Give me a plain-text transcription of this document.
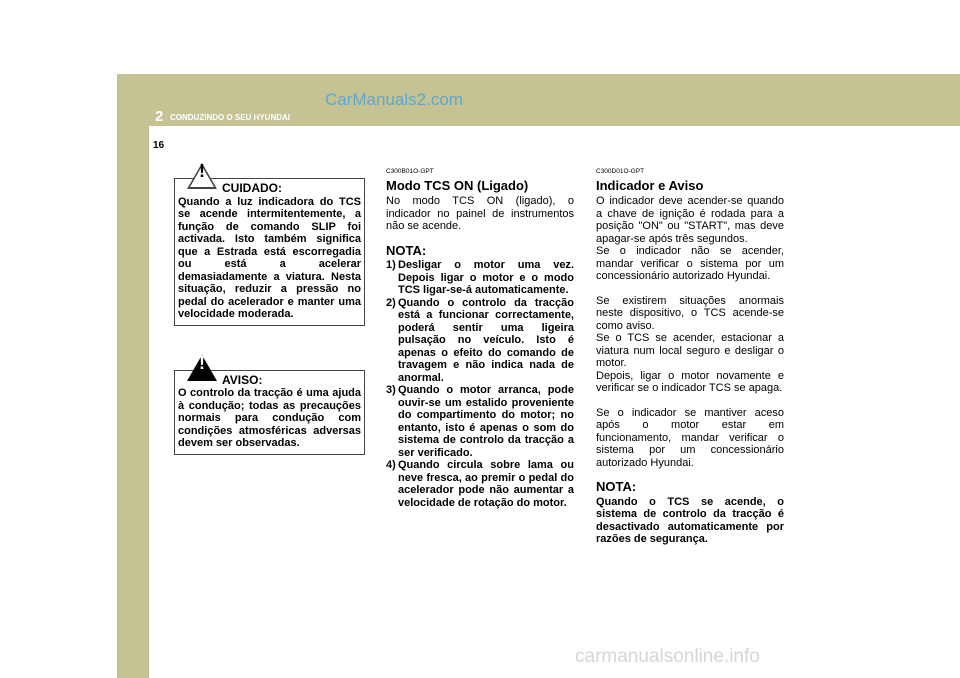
CarManuals2.com
2 CONDUZINDO O SEU HYUNDAI
16
!
CUIDADO:
Quando a luz indicadora do TCS se acende intermitentemente, a função de comando SLIP foi activada. Isto também significa que a Estrada está escorregadia ou está a acelerar demasiadamente a viatura. Nesta situação, reduzir a pressão no pedal do acelerador e manter uma velocidade moderada.
!
AVISO:
O controlo da tracção é uma ajuda à condução; todas as precauções normais para condução com condições atmosféricas adversas devem ser observadas.
C300B01O-GPT
Modo TCS ON (Ligado)
No modo TCS ON (ligado), o indicador no painel de instrumentos não se acende.
NOTA:
1) Desligar o motor uma vez. Depois ligar o motor e o modo TCS ligar-se-á automaticamente.
2) Quando o controlo da tracção está a funcionar correctamente, poderá sentir uma ligeira pulsação no veículo. Isto é apenas o efeito do comando de travagem e não indica nada de anormal.
3) Quando o motor arranca, pode ouvir-se um estalido proveniente do compartimento do motor; no entanto, isto é apenas o som do sistema de controlo da tracção a ser verificado.
4) Quando circula sobre lama ou neve fresca, ao premir o pedal do acelerador pode não aumentar a velocidade de rotação do motor.
C300D01O-GPT
Indicador e Aviso
O indicador deve acender-se quando a chave de ignição é rodada para a posição "ON" ou "START", mas deve apagar-se após três segundos.
Se o indicador não se acender, mandar verificar o sistema por um concessionário autorizado Hyundai.
Se existirem situações anormais neste dispositivo, o TCS acende-se como aviso.
Se o TCS se acender, estacionar a viatura num local seguro e desligar o motor.
Depois, ligar o motor novamente e verificar se o indicador TCS se apaga.
Se o indicador se mantiver aceso após o motor estar em funcionamento, mandar verificar o sistema por um concessionário autorizado Hyundai.
NOTA:
Quando o TCS se acende, o sistema de controlo da tracção é desactivado automaticamente por razões de segurança.
carmanualsonline.info
